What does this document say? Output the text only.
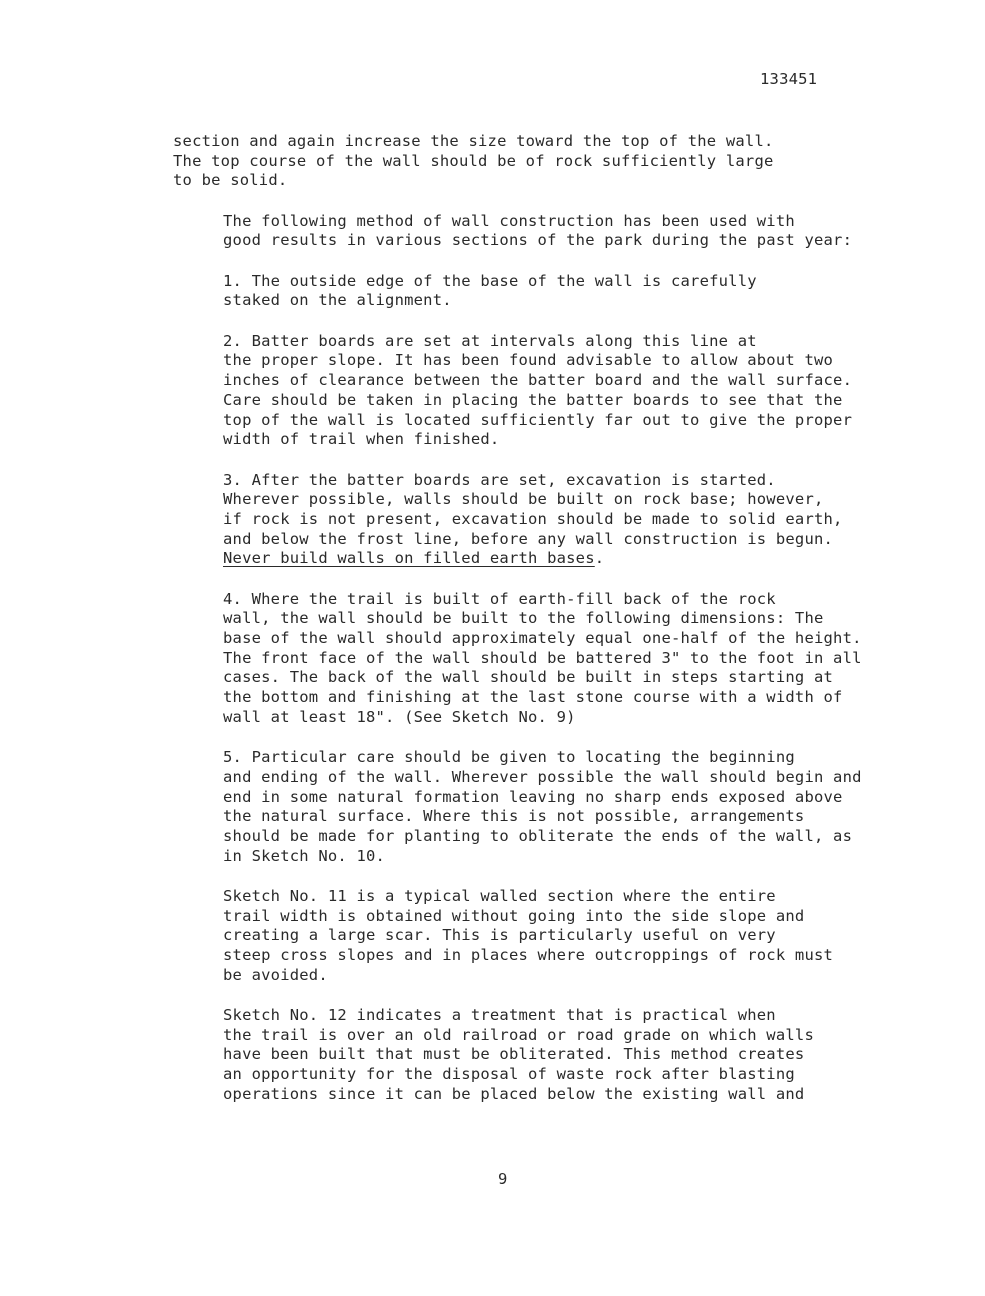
133451

section and again increase the size toward the top of the wall.
The top course of the wall should be of rock sufficiently large
to be solid.

The following method of wall construction has been used with
good results in various sections of the park during the past year:

1. The outside edge of the base of the wall is carefully
staked on the alignment.

2. Batter boards are set at intervals along this line at
the proper slope. It has been found advisable to allow about two
inches of clearance between the batter board and the wall surface.
Care should be taken in placing the batter boards to see that the
top of the wall is located sufficiently far out to give the proper
width of trail when finished.

3. After the batter boards are set, excavation is started.
Wherever possible, walls should be built on rock base; however,
if rock is not present, excavation should be made to solid earth,
and below the frost line, before any wall construction is begun.
Never build walls on filled earth bases.

4. Where the trail is built of earth-fill back of the rock
wall, the wall should be built to the following dimensions: The
base of the wall should approximately equal one-half of the height.
The front face of the wall should be battered 3" to the foot in all
cases. The back of the wall should be built in steps starting at
the bottom and finishing at the last stone course with a width of
wall at least 18". (See Sketch No. 9)

5. Particular care should be given to locating the beginning
and ending of the wall. Wherever possible the wall should begin and
end in some natural formation leaving no sharp ends exposed above
the natural surface. Where this is not possible, arrangements
should be made for planting to obliterate the ends of the wall, as
in Sketch No. 10.

Sketch No. 11 is a typical walled section where the entire
trail width is obtained without going into the side slope and
creating a large scar. This is particularly useful on very
steep cross slopes and in places where outcroppings of rock must
be avoided.

Sketch No. 12 indicates a treatment that is practical when
the trail is over an old railroad or road grade on which walls
have been built that must be obliterated. This method creates
an opportunity for the disposal of waste rock after blasting
operations since it can be placed below the existing wall and

9
